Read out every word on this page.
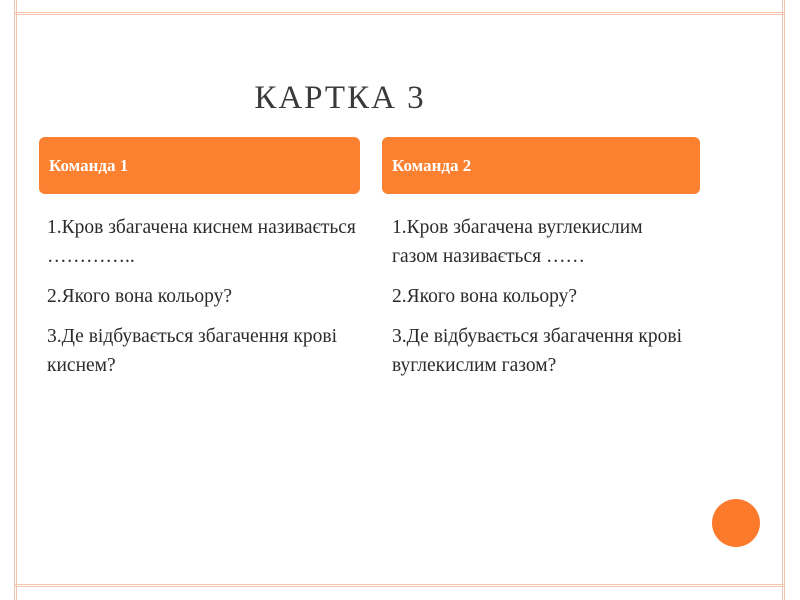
КАРТКА 3
Команда 1	Команда 2
1.Кров збагачена киснем називається …………..
2.Якого вона кольору?
3.Де відбувається збагачення крові киснем?
1.Кров збагачена вуглекислим газом називається ……
2.Якого вона кольору?
3.Де відбувається збагачення крові вуглекислим газом?
